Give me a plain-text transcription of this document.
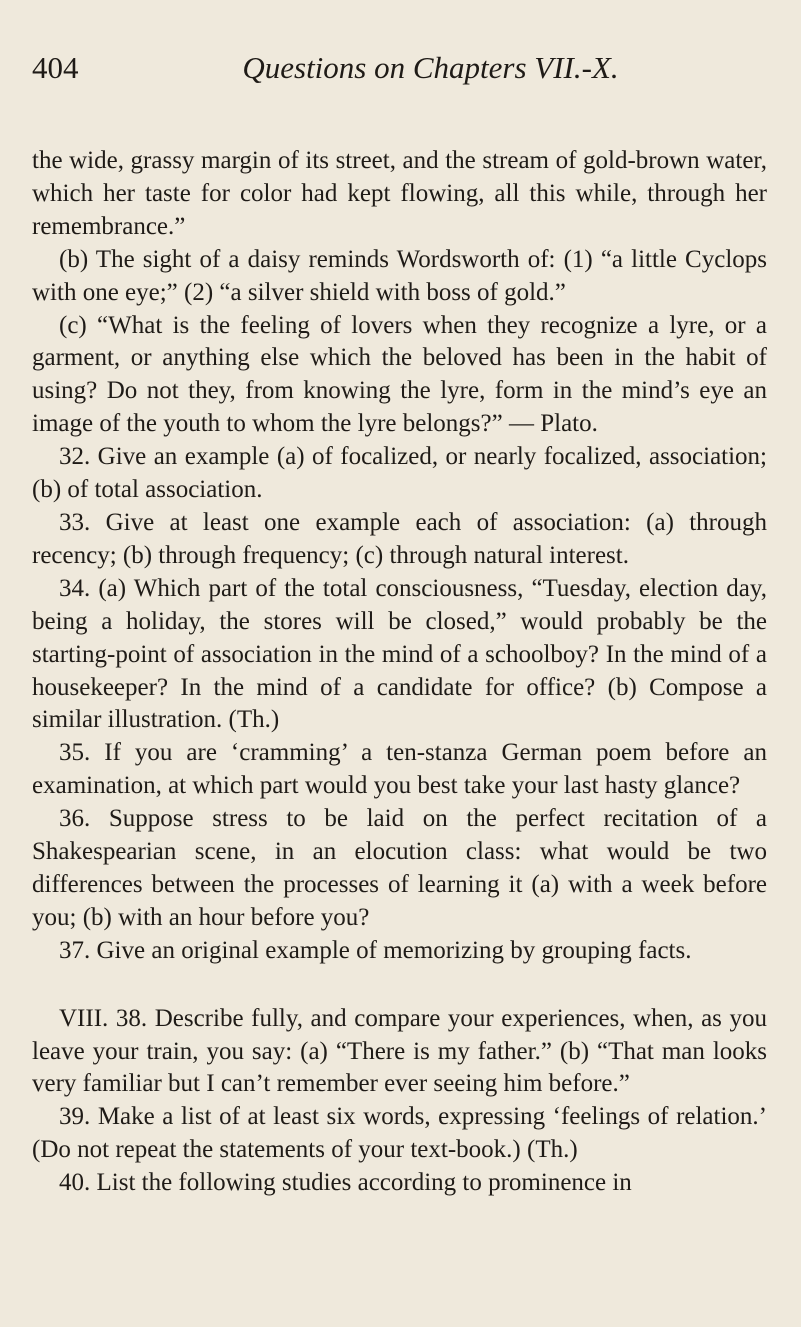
404	Questions on Chapters VII.-X.

the wide, grassy margin of its street, and the stream of gold-brown water, which her taste for color had kept flowing, all this while, through her remembrance.”

(b) The sight of a daisy reminds Wordsworth of: (1) “a little Cyclops with one eye;” (2) “a silver shield with boss of gold.”

(c) “What is the feeling of lovers when they recognize a lyre, or a garment, or anything else which the beloved has been in the habit of using? Do not they, from knowing the lyre, form in the mind’s eye an image of the youth to whom the lyre belongs?” — Plato.

32. Give an example (a) of focalized, or nearly focalized, association; (b) of total association.

33. Give at least one example each of association: (a) through recency; (b) through frequency; (c) through natural interest.

34. (a) Which part of the total consciousness, “Tuesday, election day, being a holiday, the stores will be closed,” would probably be the starting-point of association in the mind of a schoolboy? In the mind of a housekeeper? In the mind of a candidate for office? (b) Compose a similar illustration. (Th.)

35. If you are ‘cramming’ a ten-stanza German poem before an examination, at which part would you best take your last hasty glance?

36. Suppose stress to be laid on the perfect recitation of a Shakespearian scene, in an elocution class: what would be two differences between the processes of learning it (a) with a week before you; (b) with an hour before you?

37. Give an original example of memorizing by grouping facts.

VIII. 38. Describe fully, and compare your experiences, when, as you leave your train, you say: (a) “There is my father.” (b) “That man looks very familiar but I can’t remember ever seeing him before.”

39. Make a list of at least six words, expressing ‘feelings of relation.’ (Do not repeat the statements of your text-book.) (Th.)

40. List the following studies according to prominence in
